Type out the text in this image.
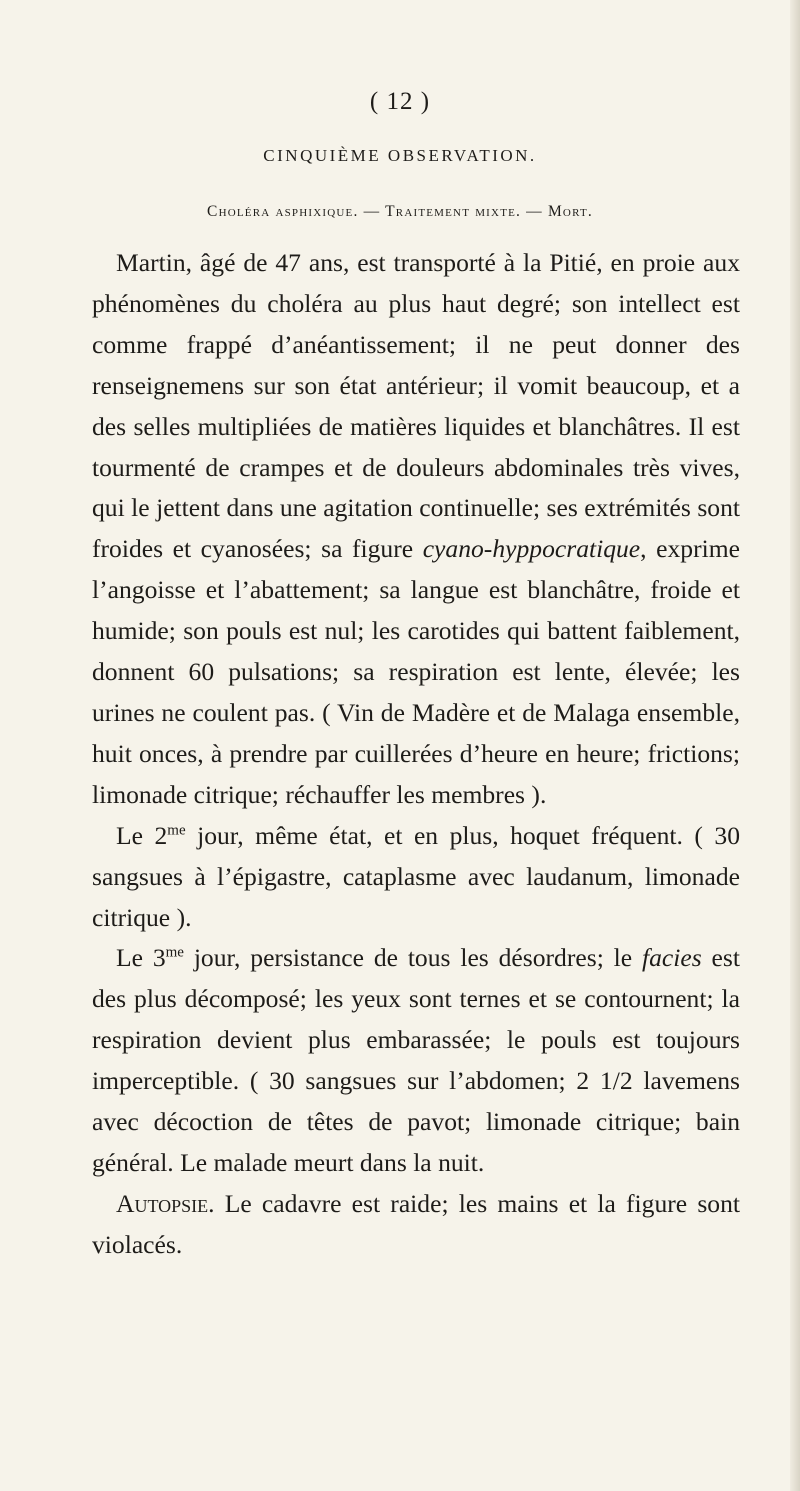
( 12 )
CINQUIÈME OBSERVATION.
Choléra asphixique. — Traitement mixte. — Mort.

Martin, âgé de 47 ans, est transporté à la Pitié, en proie aux phénomènes du choléra au plus haut degré; son intellect est comme frappé d’anéantissement; il ne peut donner des renseignemens sur son état antérieur; il vomit beaucoup, et a des selles multipliées de matières liquides et blanchâtres. Il est tourmenté de crampes et de douleurs abdominales très vives, qui le jettent dans une agitation continuelle; ses extrémités sont froides et cyanosées; sa figure cyano-hyppocratique, exprime l’angoisse et l’abattement; sa langue est blanchâtre, froide et humide; son pouls est nul; les carotides qui battent faiblement, donnent 60 pulsations; sa respiration est lente, élevée; les urines ne coulent pas. ( Vin de Madère et de Malaga ensemble, huit onces, à prendre par cuillerées d’heure en heure; frictions; limonade citrique; réchauffer les membres ).

Le $2^{me}$ jour, même état, et en plus, hoquet fréquent. ( 30 sangsues à l’épigastre, cataplasme avec laudanum, limonade citrique ).

Le $3^{me}$ jour, persistance de tous les désordres; le facies est des plus décomposé; les yeux sont ternes et se contournent; la respiration devient plus embarassée; le pouls est toujours imperceptible. ( 30 sangsues sur l’abdomen; 2 1/2 lavemens avec décoction de têtes de pavot; limonade citrique; bain général. Le malade meurt dans la nuit.

Autopsie. Le cadavre est raide; les mains et la figure sont violacés.
